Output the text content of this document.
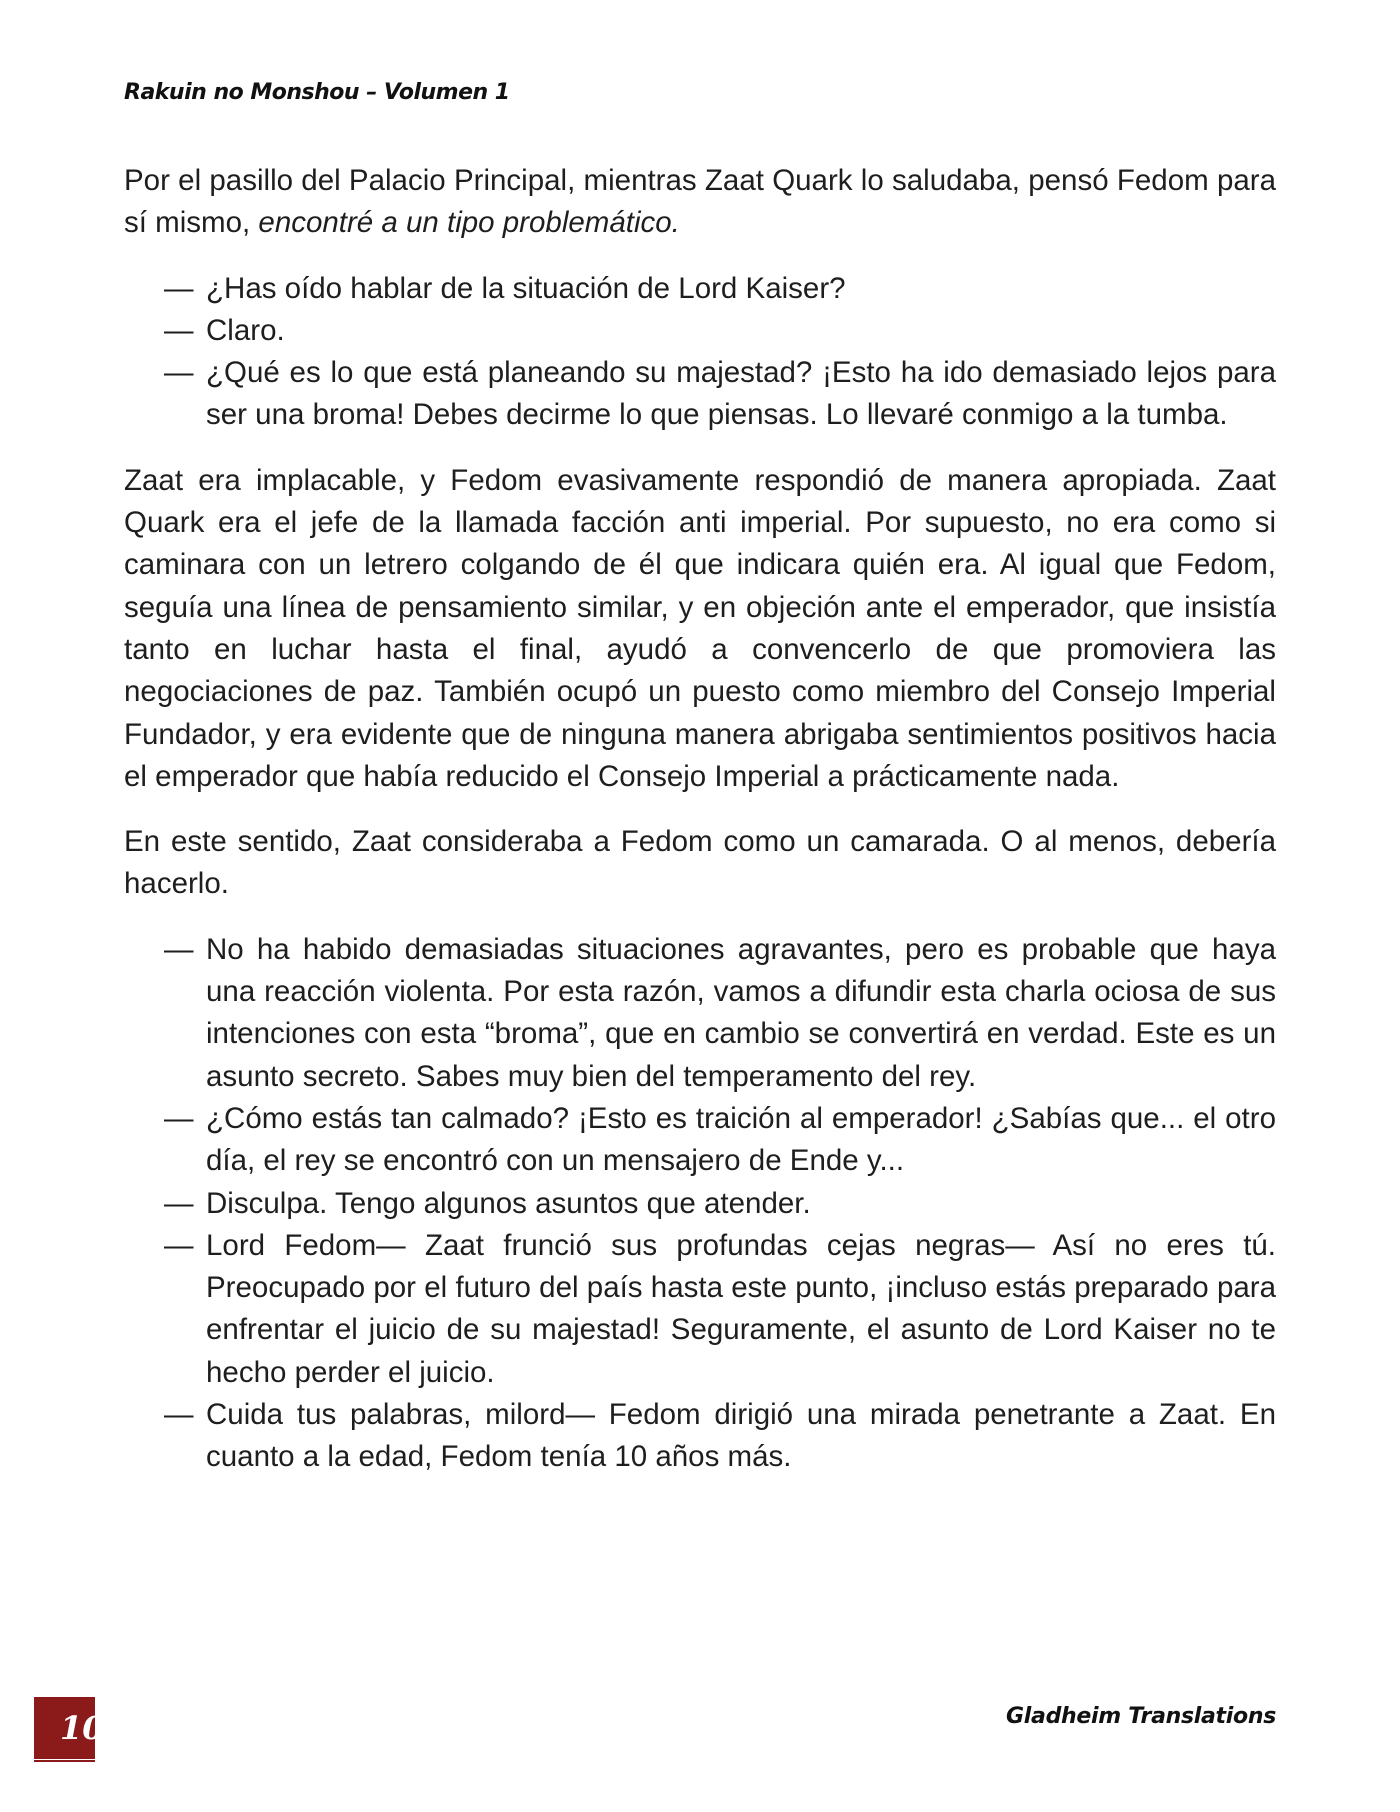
Rakuin no Monshou – Volumen 1

Por el pasillo del Palacio Principal, mientras Zaat Quark lo saludaba, pensó Fedom para sí mismo, encontré a un tipo problemático.

— ¿Has oído hablar de la situación de Lord Kaiser?
— Claro.
— ¿Qué es lo que está planeando su majestad? ¡Esto ha ido demasiado lejos para ser una broma! Debes decirme lo que piensas. Lo llevaré conmigo a la tumba.

Zaat era implacable, y Fedom evasivamente respondió de manera apropiada. Zaat Quark era el jefe de la llamada facción anti imperial. Por supuesto, no era como si caminara con un letrero colgando de él que indicara quién era. Al igual que Fedom, seguía una línea de pensamiento similar, y en objeción ante el emperador, que insistía tanto en luchar hasta el final, ayudó a convencerlo de que promoviera las negociaciones de paz. También ocupó un puesto como miembro del Consejo Imperial Fundador, y era evidente que de ninguna manera abrigaba sentimientos positivos hacia el emperador que había reducido el Consejo Imperial a prácticamente nada.

En este sentido, Zaat consideraba a Fedom como un camarada. O al menos, debería hacerlo.

— No ha habido demasiadas situaciones agravantes, pero es probable que haya una reacción violenta. Por esta razón, vamos a difundir esta charla ociosa de sus intenciones con esta “broma”, que en cambio se convertirá en verdad. Este es un asunto secreto. Sabes muy bien del temperamento del rey.
— ¿Cómo estás tan calmado? ¡Esto es traición al emperador! ¿Sabías que... el otro día, el rey se encontró con un mensajero de Ende y...
— Disculpa. Tengo algunos asuntos que atender.
— Lord Fedom— Zaat frunció sus profundas cejas negras— Así no eres tú. Preocupado por el futuro del país hasta este punto, ¡incluso estás preparado para enfrentar el juicio de su majestad! Seguramente, el asunto de Lord Kaiser no te hecho perder el juicio.
— Cuida tus palabras, milord— Fedom dirigió una mirada penetrante a Zaat. En cuanto a la edad, Fedom tenía 10 años más.
10	Gladheim Translations
